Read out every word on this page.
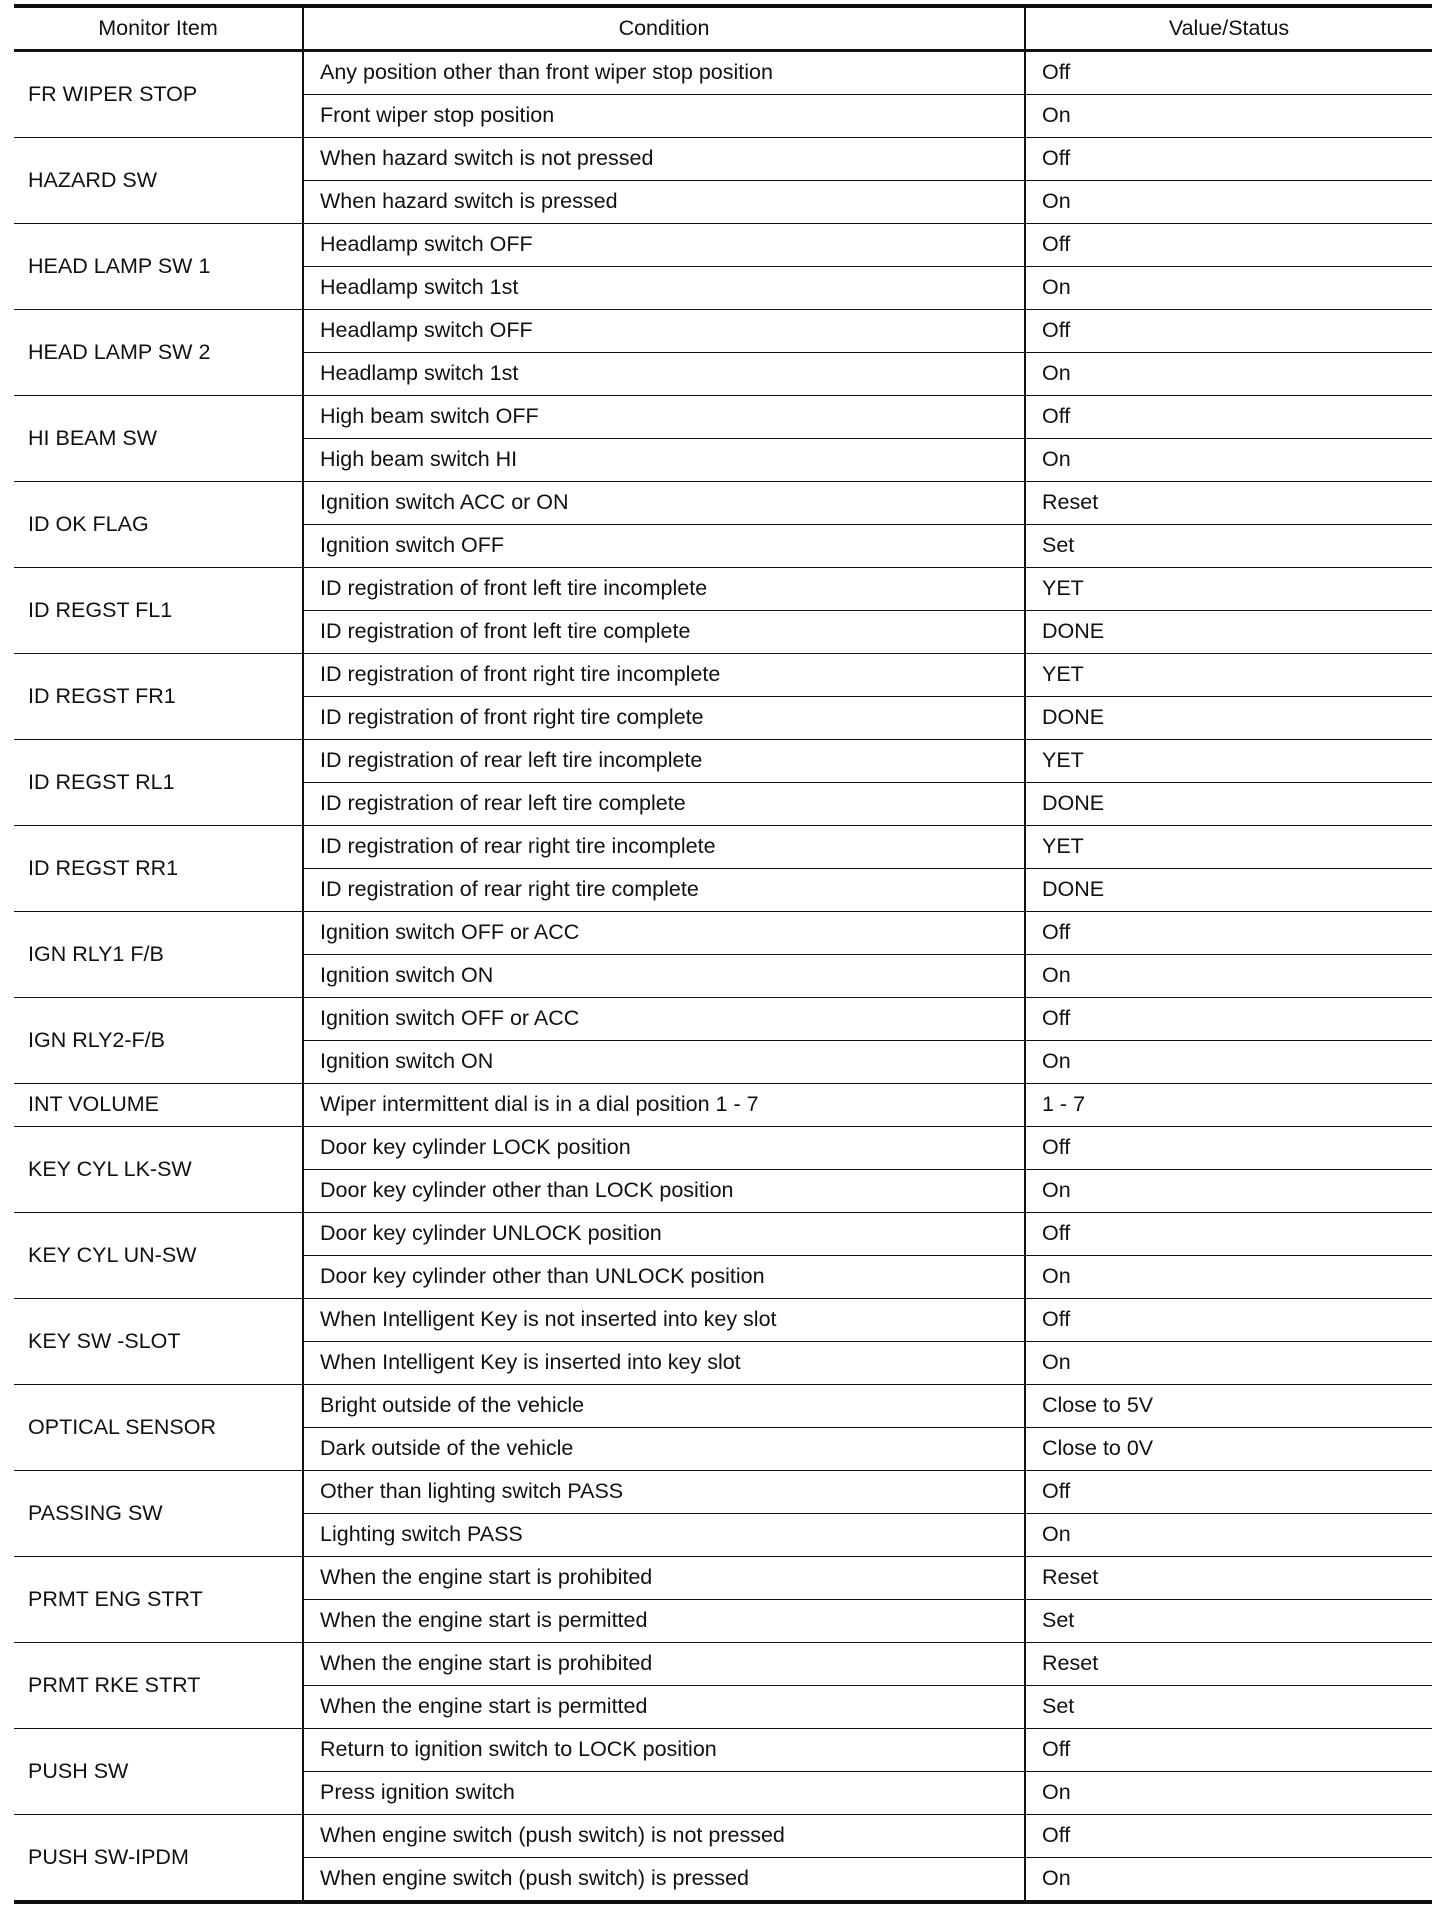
Monitor Item	Condition	Value/Status
FR WIPER STOP	Any position other than front wiper stop position	Off
	Front wiper stop position	On
HAZARD SW	When hazard switch is not pressed	Off
	When hazard switch is pressed	On
HEAD LAMP SW 1	Headlamp switch OFF	Off
	Headlamp switch 1st	On
HEAD LAMP SW 2	Headlamp switch OFF	Off
	Headlamp switch 1st	On
HI BEAM SW	High beam switch OFF	Off
	High beam switch HI	On
ID OK FLAG	Ignition switch ACC or ON	Reset
	Ignition switch OFF	Set
ID REGST FL1	ID registration of front left tire incomplete	YET
	ID registration of front left tire complete	DONE
ID REGST FR1	ID registration of front right tire incomplete	YET
	ID registration of front right tire complete	DONE
ID REGST RL1	ID registration of rear left tire incomplete	YET
	ID registration of rear left tire complete	DONE
ID REGST RR1	ID registration of rear right tire incomplete	YET
	ID registration of rear right tire complete	DONE
IGN RLY1 F/B	Ignition switch OFF or ACC	Off
	Ignition switch ON	On
IGN RLY2-F/B	Ignition switch OFF or ACC	Off
	Ignition switch ON	On
INT VOLUME	Wiper intermittent dial is in a dial position 1 - 7	1 - 7
KEY CYL LK-SW	Door key cylinder LOCK position	Off
	Door key cylinder other than LOCK position	On
KEY CYL UN-SW	Door key cylinder UNLOCK position	Off
	Door key cylinder other than UNLOCK position	On
KEY SW -SLOT	When Intelligent Key is not inserted into key slot	Off
	When Intelligent Key is inserted into key slot	On
OPTICAL SENSOR	Bright outside of the vehicle	Close to 5V
	Dark outside of the vehicle	Close to 0V
PASSING SW	Other than lighting switch PASS	Off
	Lighting switch PASS	On
PRMT ENG STRT	When the engine start is prohibited	Reset
	When the engine start is permitted	Set
PRMT RKE STRT	When the engine start is prohibited	Reset
	When the engine start is permitted	Set
PUSH SW	Return to ignition switch to LOCK position	Off
	Press ignition switch	On
PUSH SW-IPDM	When engine switch (push switch) is not pressed	Off
	When engine switch (push switch) is pressed	On
